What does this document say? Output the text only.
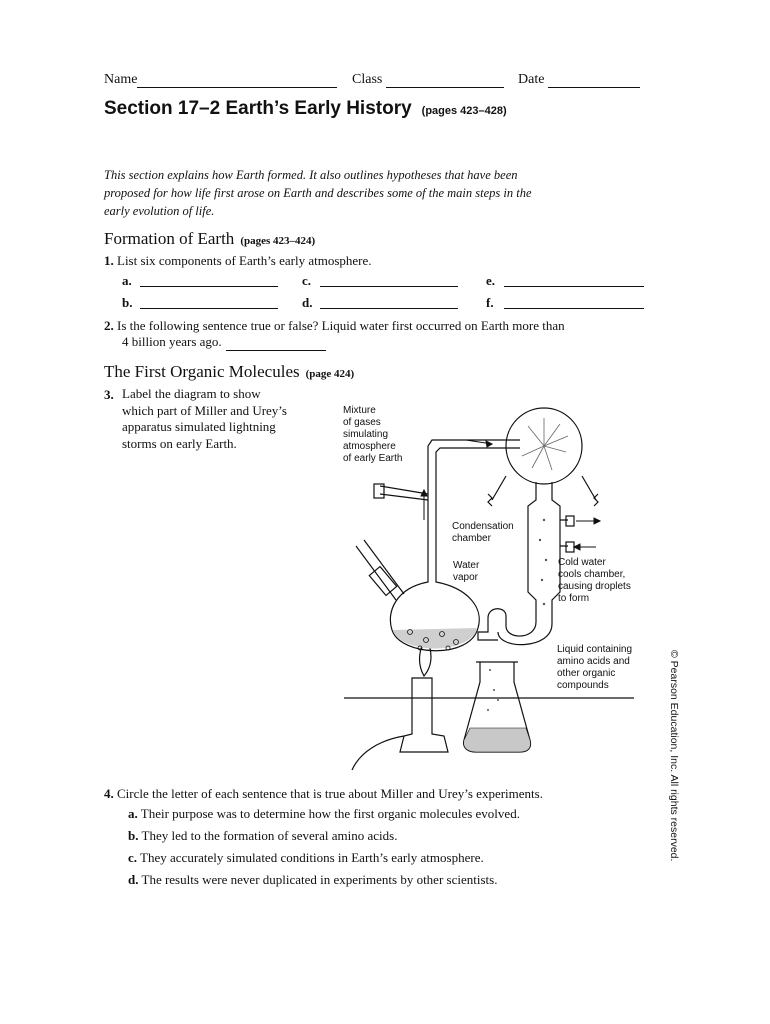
Name	Class	Date
Section 17–2 Earth’s Early History (pages 423–428)
This section explains how Earth formed. It also outlines hypotheses that have been proposed for how life first arose on Earth and describes some of the main steps in the early evolution of life.
Formation of Earth (pages 423–424)
1. List six components of Earth’s early atmosphere.
a.	c.	e.
b.	d.	f.
2. Is the following sentence true or false? Liquid water first occurred on Earth more than
4 billion years ago.
The First Organic Molecules (page 424)
3. Label the diagram to show
which part of Miller and Urey’s
apparatus simulated lightning
storms on early Earth.
Mixture
of gases
simulating
atmosphere
of early Earth
Condensation
chamber
Water
vapor
Cold water
cools chamber,
causing droplets
to form
Liquid containing
amino acids and
other organic
compounds	© Pearson Education, Inc. All rights reserved.
4. Circle the letter of each sentence that is true about Miller and Urey’s experiments.
a. Their purpose was to determine how the first organic molecules evolved.
b. They led to the formation of several amino acids.
c. They accurately simulated conditions in Earth’s early atmosphere.
d. The results were never duplicated in experiments by other scientists.
